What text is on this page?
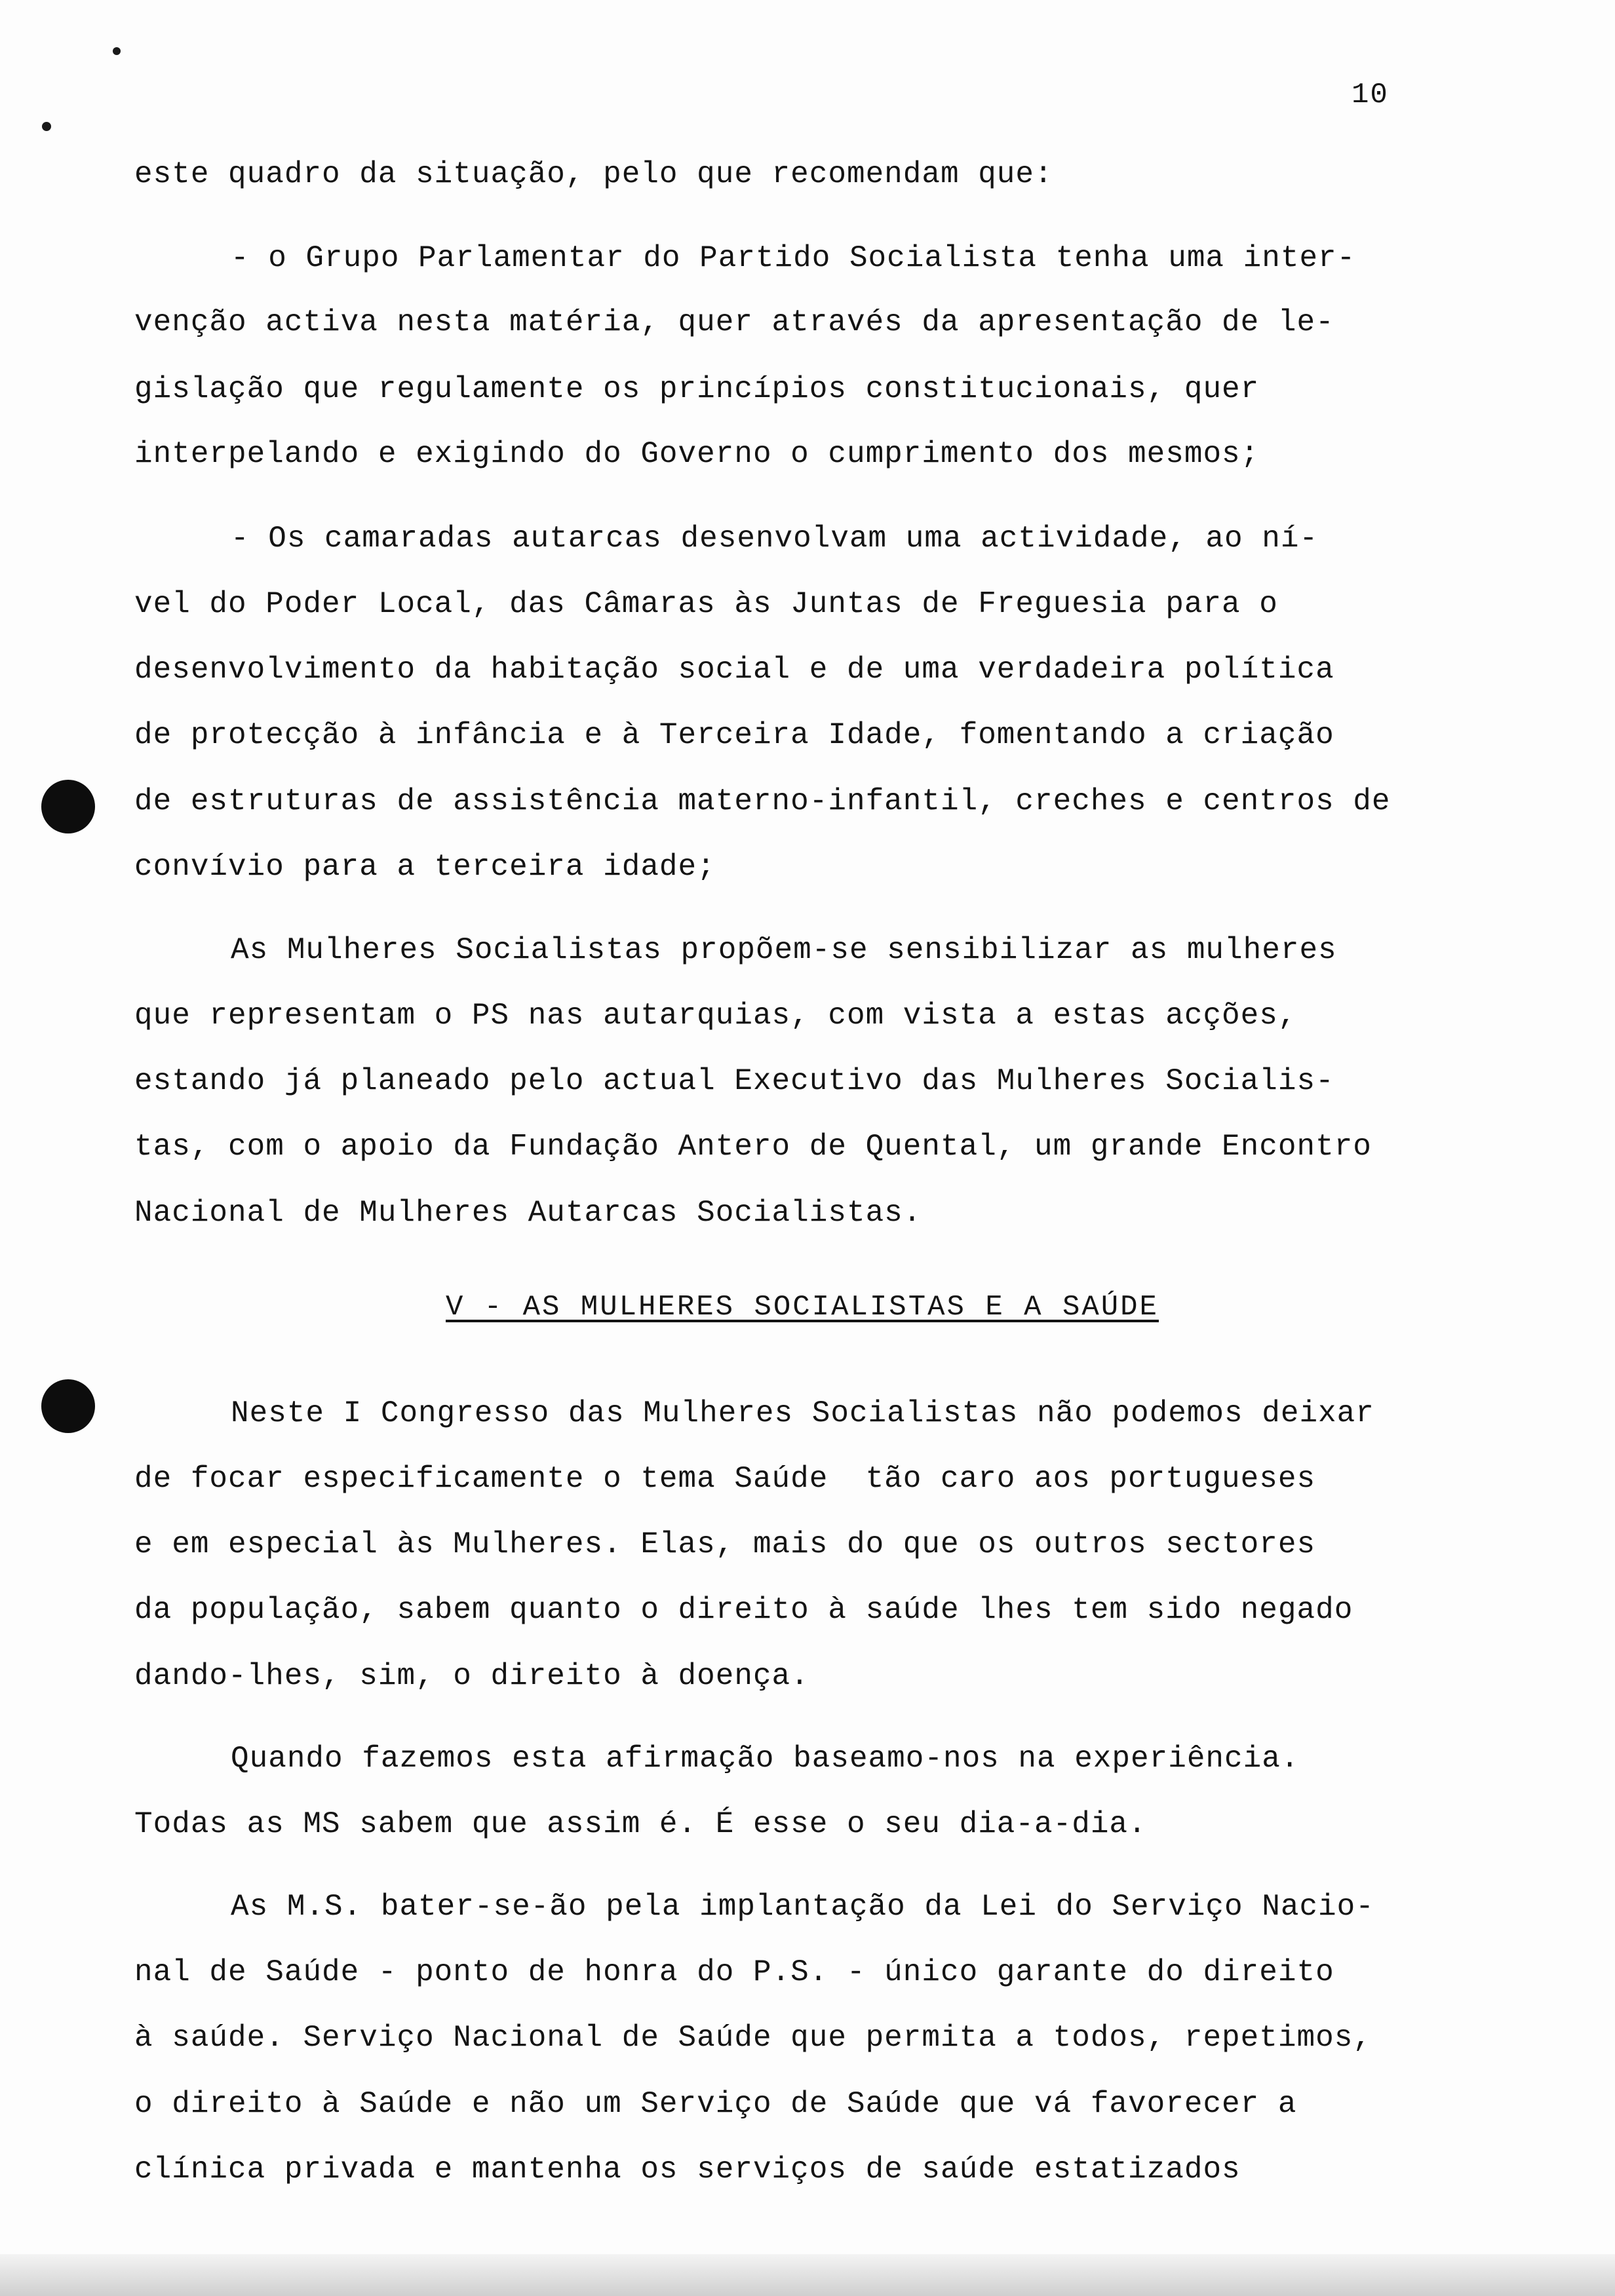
10
este quadro da situação, pelo que recomendam que:
- o Grupo Parlamentar do Partido Socialista tenha uma inter-
venção activa nesta matéria, quer através da apresentação de le-
gislação que regulamente os princípios constitucionais, quer
interpelando e exigindo do Governo o cumprimento dos mesmos;
- Os camaradas autarcas desenvolvam uma actividade, ao ní-
vel do Poder Local, das Câmaras às Juntas de Freguesia para o
desenvolvimento da habitação social e de uma verdadeira política
de protecção à infância e à Terceira Idade, fomentando a criação
de estruturas de assistência materno-infantil, creches e centros de
convívio para a terceira idade;
As Mulheres Socialistas propõem-se sensibilizar as mulheres
que representam o PS nas autarquias, com vista a estas acções,
estando já planeado pelo actual Executivo das Mulheres Socialis-
tas, com o apoio da Fundação Antero de Quental, um grande Encontro
Nacional de Mulheres Autarcas Socialistas.
V - AS MULHERES SOCIALISTAS E A SAÚDE
Neste I Congresso das Mulheres Socialistas não podemos deixar
de focar especificamente o tema Saúde  tão caro aos portugueses
e em especial às Mulheres. Elas, mais do que os outros sectores
da população, sabem quanto o direito à saúde lhes tem sido negado
dando-lhes, sim, o direito à doença.
Quando fazemos esta afirmação baseamo-nos na experiência.
Todas as MS sabem que assim é. É esse o seu dia-a-dia.
As M.S. bater-se-ão pela implantação da Lei do Serviço Nacio-
nal de Saúde - ponto de honra do P.S. - único garante do direito
à saúde. Serviço Nacional de Saúde que permita a todos, repetimos,
o direito à Saúde e não um Serviço de Saúde que vá favorecer a
clínica privada e mantenha os serviços de saúde estatizados
